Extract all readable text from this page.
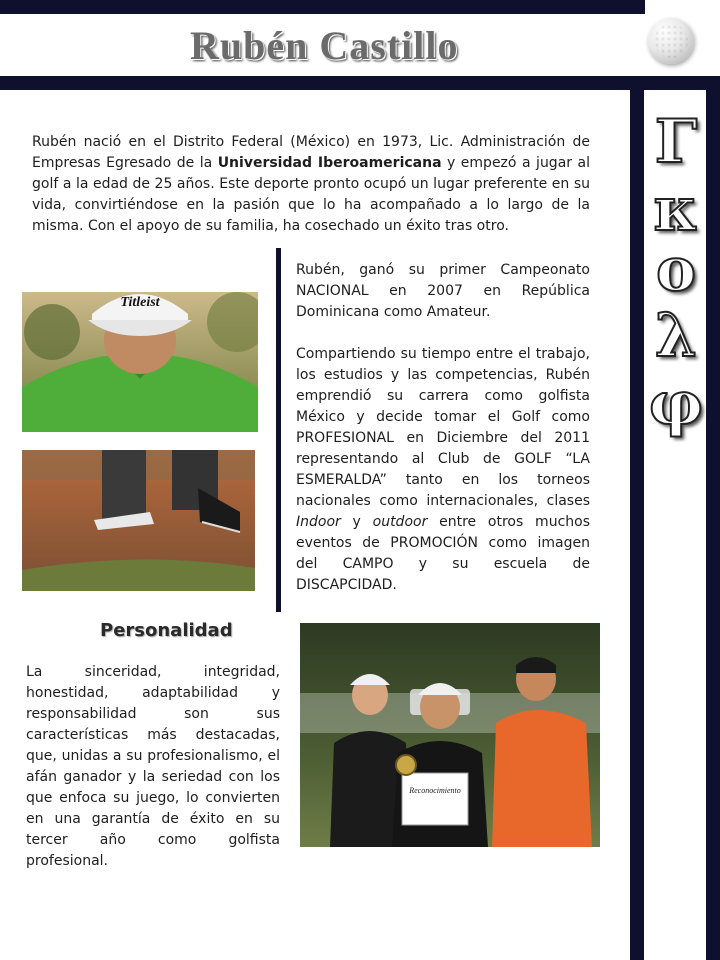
Rubén Castillo
Γ
κ
ο
λ
φ

Rubén nació en el Distrito Federal (México) en 1973, Lic. Administración de Empresas Egresado de la Universidad Iberoamericana y empezó a jugar al golf a la edad de 25 años. Este deporte pronto ocupó un lugar preferente en su vida, convirtiéndose en la pasión que lo ha acompañado a lo largo de la misma. Con el apoyo de su familia, ha cosechado un éxito tras otro.

Titleist

Rubén, ganó su primer Campeonato NACIONAL en 2007 en República Dominicana como Amateur.

Compartiendo su tiempo entre el trabajo, los estudios y las competencias, Rubén emprendió su carrera como golfista México y decide tomar el Golf como PROFESIONAL en Diciembre del 2011 representando al Club de GOLF “LA ESMERALDA” tanto en los torneos nacionales como internacionales, clases Indoor y outdoor entre otros muchos eventos de PROMOCIÓN como imagen del CAMPO y su escuela de DISCAPCIDAD.

Personalidad

La sinceridad, integridad, honestidad, adaptabilidad y responsabilidad son sus características más destacadas, que, unidas a su profesionalismo, el afán ganador y la seriedad con los que enfoca su juego, lo convierten en una garantía de éxito en su tercer año como golfista profesional.

Reconocimiento
